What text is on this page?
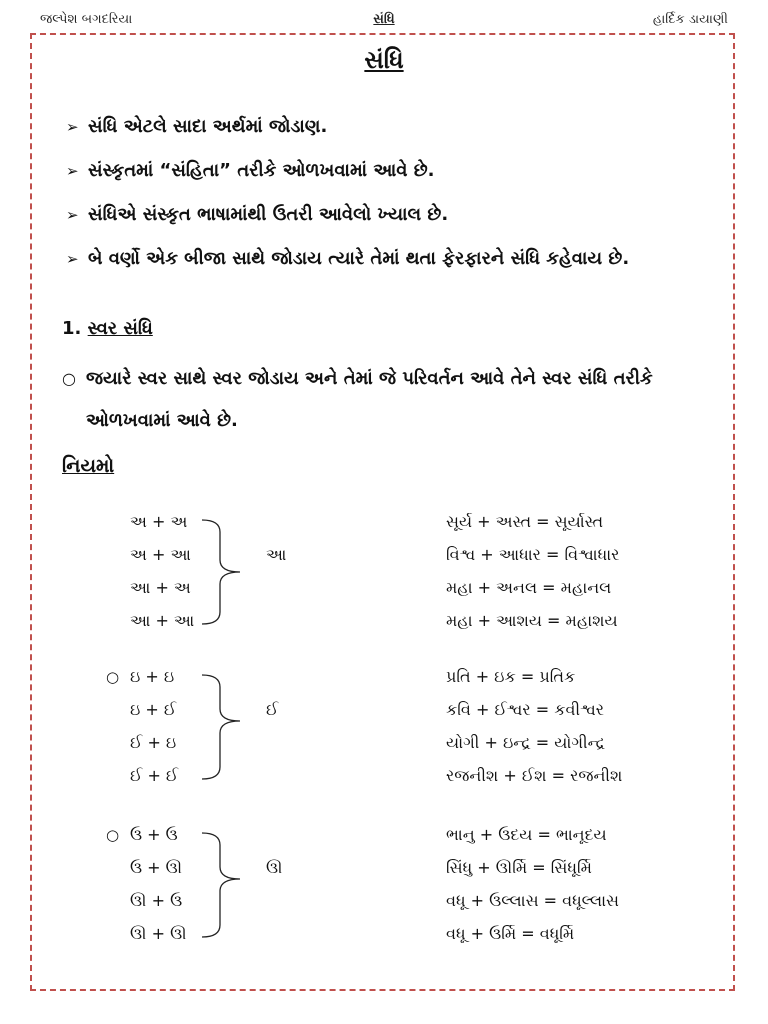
જલ્પેશ બગદરિયા	સંધિ	હાર્દિક ડાયાણી
સંધિ
➢ સંધિ એટલે સાદા અર્થમાં જોડાણ.
➢ સંસ્કૃતમાં “સંહિતા” તરીકે ઓળખવામાં આવે છે.
➢ સંધિએ સંસ્કૃત ભાષામાંથી ઉતરી આવેલો ખ્યાલ છે.
➢ બે વર્ણો એક બીજા સાથે જોડાય ત્યારે તેમાં થતા ફેરફારને સંધિ કહેવાય છે.
1. સ્વર સંધિ
○ જયારે સ્વર સાથે સ્વર જોડાય અને તેમાં જે પરિવર્તન આવે તેને સ્વર સંધિ તરીકે
ઓળખવામાં આવે છે.
નિયમો
અ + અ
અ + આ
આ + અ
આ + આ
આ
સૂર્ય + અસ્ત = સૂર્યાસ્ત
વિશ્વ + આધાર = વિશ્વાધાર
મહા + અનલ = મહાનલ
મહા + આશય = મહાશય
○ ઇ + ઇ
ઇ + ઈ
ઈ + ઇ
ઈ + ઈ
ઈ
પ્રતિ + ઇક = પ્રતિક
કવિ + ઈશ્વર = કવીશ્વર
યોગી + ઇન્દ્ર = યોગીન્દ્ર
રજનીશ + ઈશ = રજનીશ
○ ઉ + ઉ
ઉ + ઊ
ઊ + ઉ
ઊ + ઊ
ઊ
ભાનુ + ઉદય = ભાનૂદય
સિંધુ + ઊર્મિ = સિંધૂર્મિ
વધૂ + ઉલ્લાસ = વધૂલ્લાસ
વધૂ + ઉર્મિ = વધૂર્મિ
